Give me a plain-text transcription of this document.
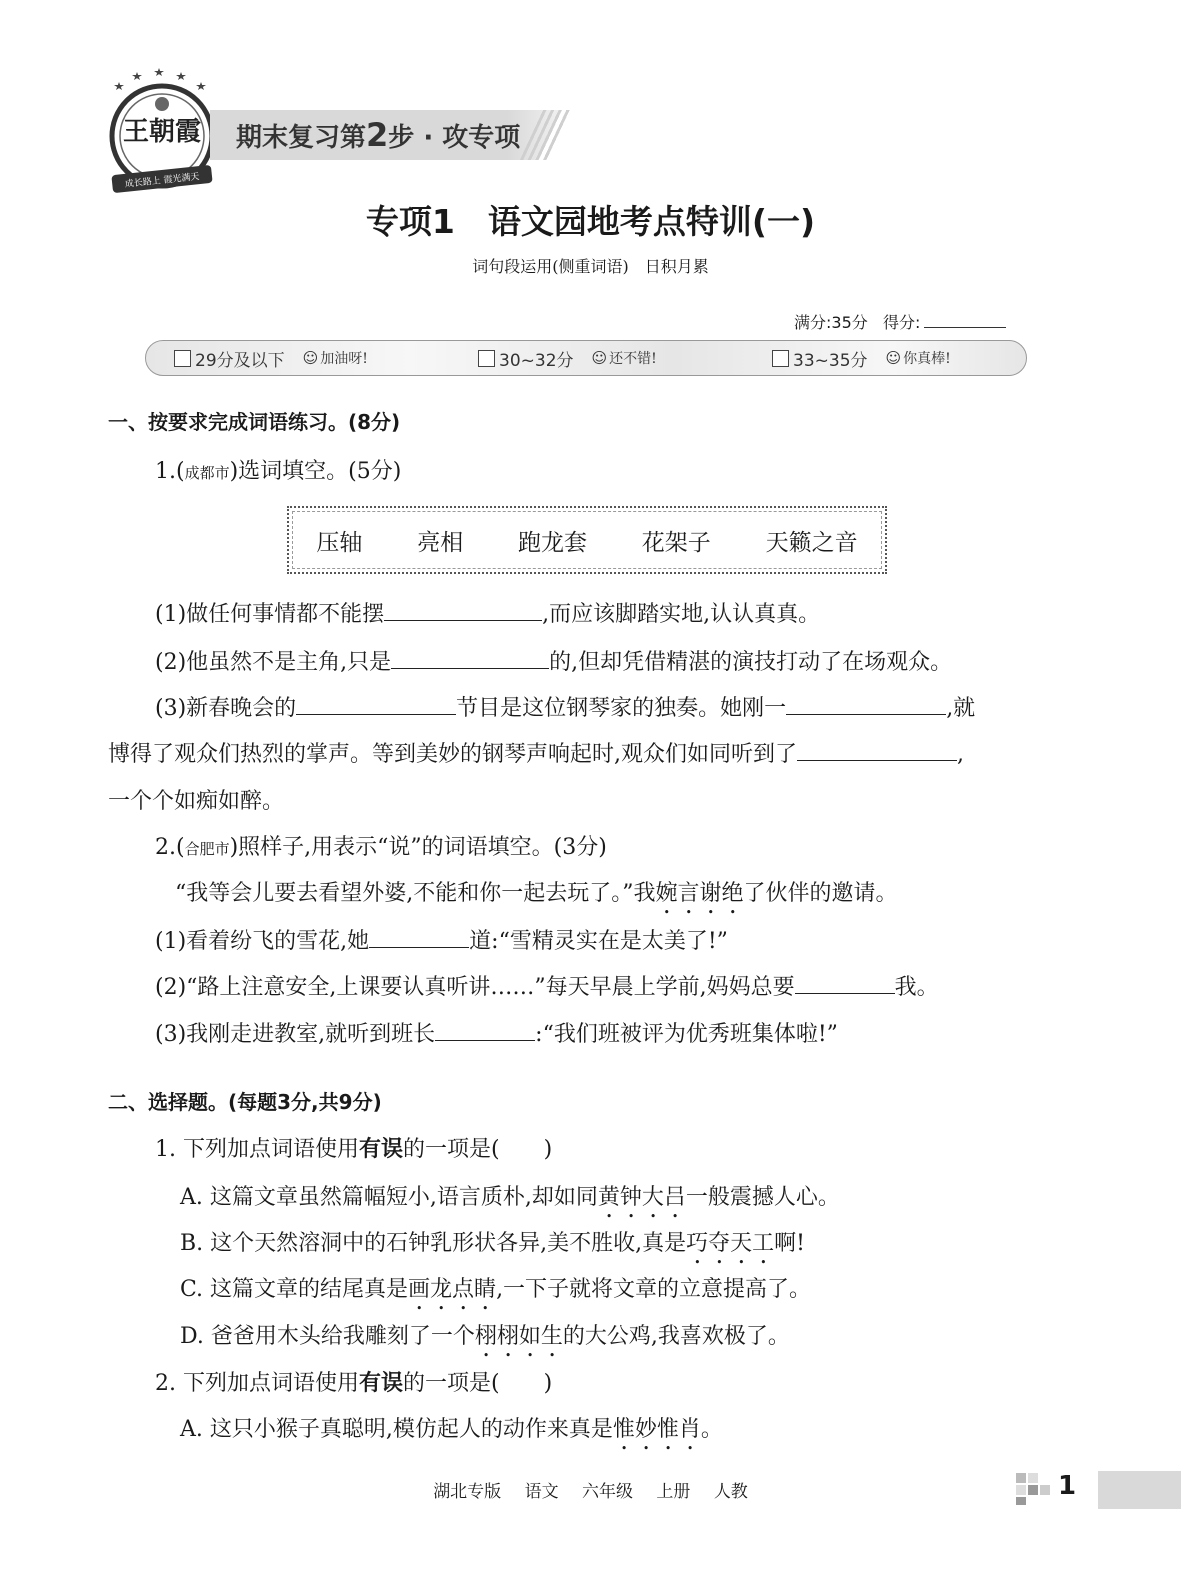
王朝霞
成长路上 霞光满天
期末复习第2步 · 攻专项
专项1　语文园地考点特训(一)
词句段运用(侧重词语)　日积月累
满分:35分 得分:
29分及以下 ☺ 加油呀!	30~32分 ☺ 还不错!	33~35分 ☺ 你真棒!
一、按要求完成词语练习。(8分)
1.(成都市)选词填空。(5分)
压轴 亮相 跑龙套 花架子 天籁之音
(1)做任何事情都不能摆	,而应该脚踏实地,认认真真。
(2)他虽然不是主角,只是	的,但却凭借精湛的演技打动了在场观众。
(3)新春晚会的	节目是这位钢琴家的独奏。她刚一	,就
博得了观众们热烈的掌声。等到美妙的钢琴声响起时,观众们如同听到了	,
一个个如痴如醉。
2.(合肥市)照样子,用表示“说”的词语填空。(3分)
“我等会儿要去看望外婆,不能和你一起去玩了。”我婉言谢绝了伙伴的邀请。
(1)看着纷飞的雪花,她	道:“雪精灵实在是太美了!”
(2)“路上注意安全,上课要认真听讲……”每天早晨上学前,妈妈总要	我。
(3)我刚走进教室,就听到班长	:“我们班被评为优秀班集体啦!”
二、选择题。(每题3分,共9分)
1. 下列加点词语使用有误的一项是(　　)
A. 这篇文章虽然篇幅短小,语言质朴,却如同黄钟大吕一般震撼人心。
B. 这个天然溶洞中的石钟乳形状各异,美不胜收,真是巧夺天工啊!
C. 这篇文章的结尾真是画龙点睛,一下子就将文章的立意提高了。
D. 爸爸用木头给我雕刻了一个栩栩如生的大公鸡,我喜欢极了。
2. 下列加点词语使用有误的一项是(　　)
A. 这只小猴子真聪明,模仿起人的动作来真是惟妙惟肖。
湖北专版 语文 六年级 上册 人教	1
